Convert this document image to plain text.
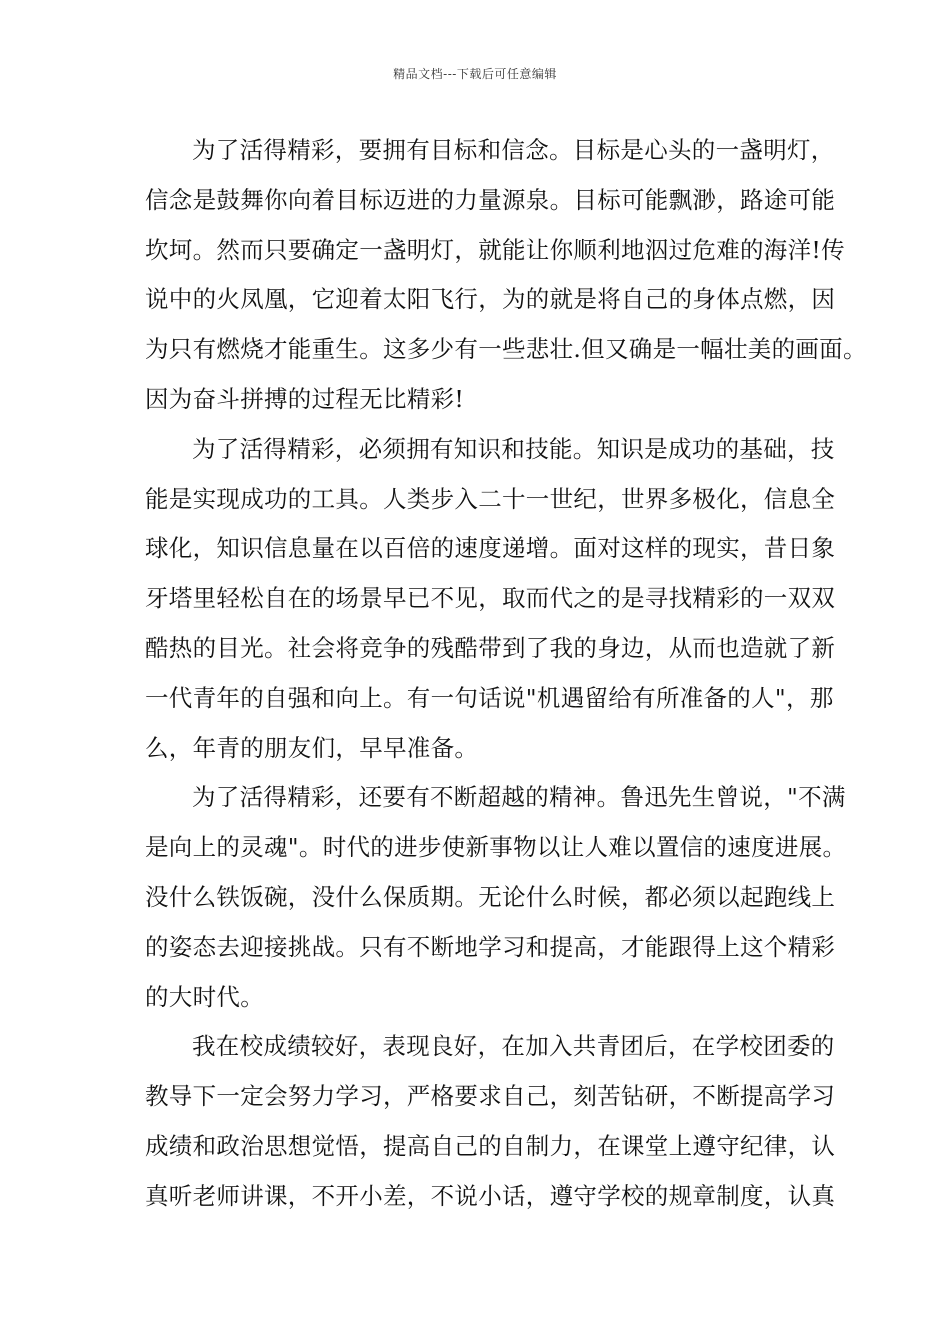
精品文档---下载后可任意编辑
为了活得精彩，要拥有目标和信念。目标是心头的一盏明灯，
信念是鼓舞你向着目标迈进的力量源泉。目标可能飘渺，路途可能
坎坷。然而只要确定一盏明灯，就能让你顺利地泅过危难的海洋!传
说中的火凤凰，它迎着太阳飞行，为的就是将自己的身体点燃，因
为只有燃烧才能重生。这多少有一些悲壮.但又确是一幅壮美的画面。
因为奋斗拼搏的过程无比精彩!
为了活得精彩，必须拥有知识和技能。知识是成功的基础，技
能是实现成功的工具。人类步入二十一世纪，世界多极化，信息全
球化，知识信息量在以百倍的速度递增。面对这样的现实，昔日象
牙塔里轻松自在的场景早已不见，取而代之的是寻找精彩的一双双
酷热的目光。社会将竞争的残酷带到了我的身边，从而也造就了新
一代青年的自强和向上。有一句话说"机遇留给有所准备的人"，那
么，年青的朋友们，早早准备。
为了活得精彩，还要有不断超越的精神。鲁迅先生曾说，"不满
是向上的灵魂"。时代的进步使新事物以让人难以置信的速度进展。
没什么铁饭碗，没什么保质期。无论什么时候，都必须以起跑线上
的姿态去迎接挑战。只有不断地学习和提高，才能跟得上这个精彩
的大时代。
我在校成绩较好，表现良好，在加入共青团后，在学校团委的
教导下一定会努力学习，严格要求自己，刻苦钻研，不断提高学习
成绩和政治思想觉悟，提高自己的自制力，在课堂上遵守纪律，认
真听老师讲课，不开小差，不说小话，遵守学校的规章制度，认真
